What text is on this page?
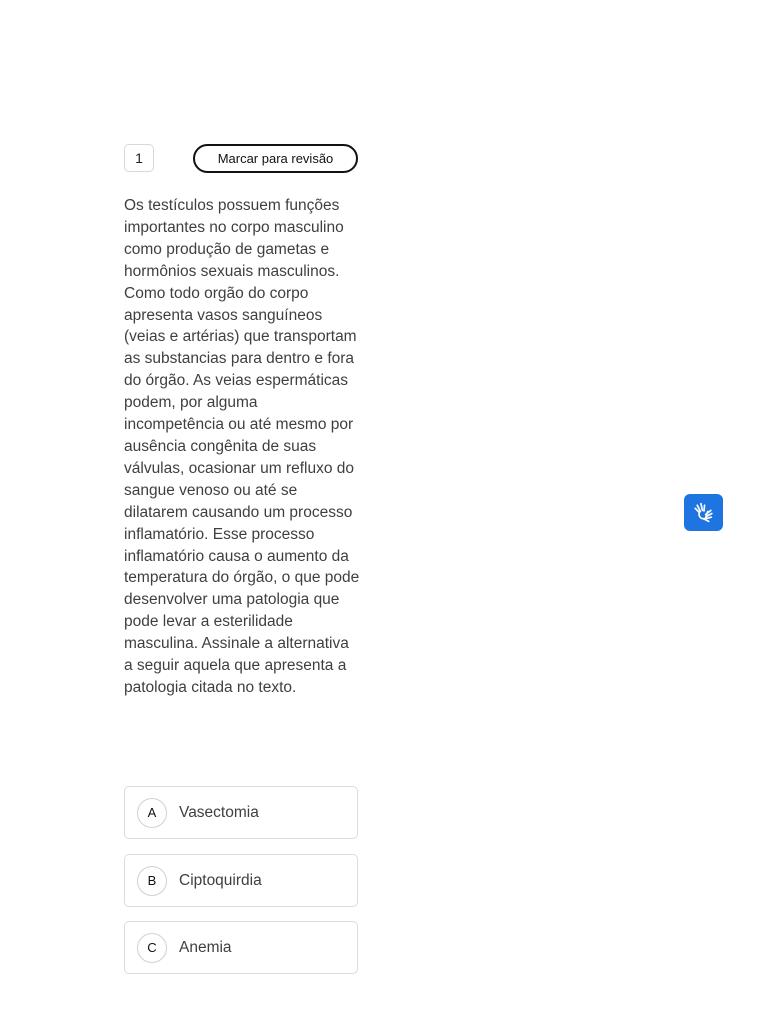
1	Marcar para revisão

Os testículos possuem funções importantes no corpo masculino como produção de gametas e hormônios sexuais masculinos. Como todo orgão do corpo apresenta vasos sanguíneos (veias e artérias) que transportam as substancias para dentro e fora do órgão. As veias espermáticas podem, por alguma  incompetência ou até mesmo por ausência congênita de suas válvulas, ocasionar um refluxo do sangue venoso ou até se dilatarem causando um processo inflamatório. Esse processo inflamatório causa o aumento da temperatura do órgão, o que pode desenvolver uma patologia que pode levar a esterilidade masculina. Assinale a alternativa a seguir aquela que apresenta a patologia citada no texto.

A	Vasectomia
B	Ciptoquirdia
C	Anemia
